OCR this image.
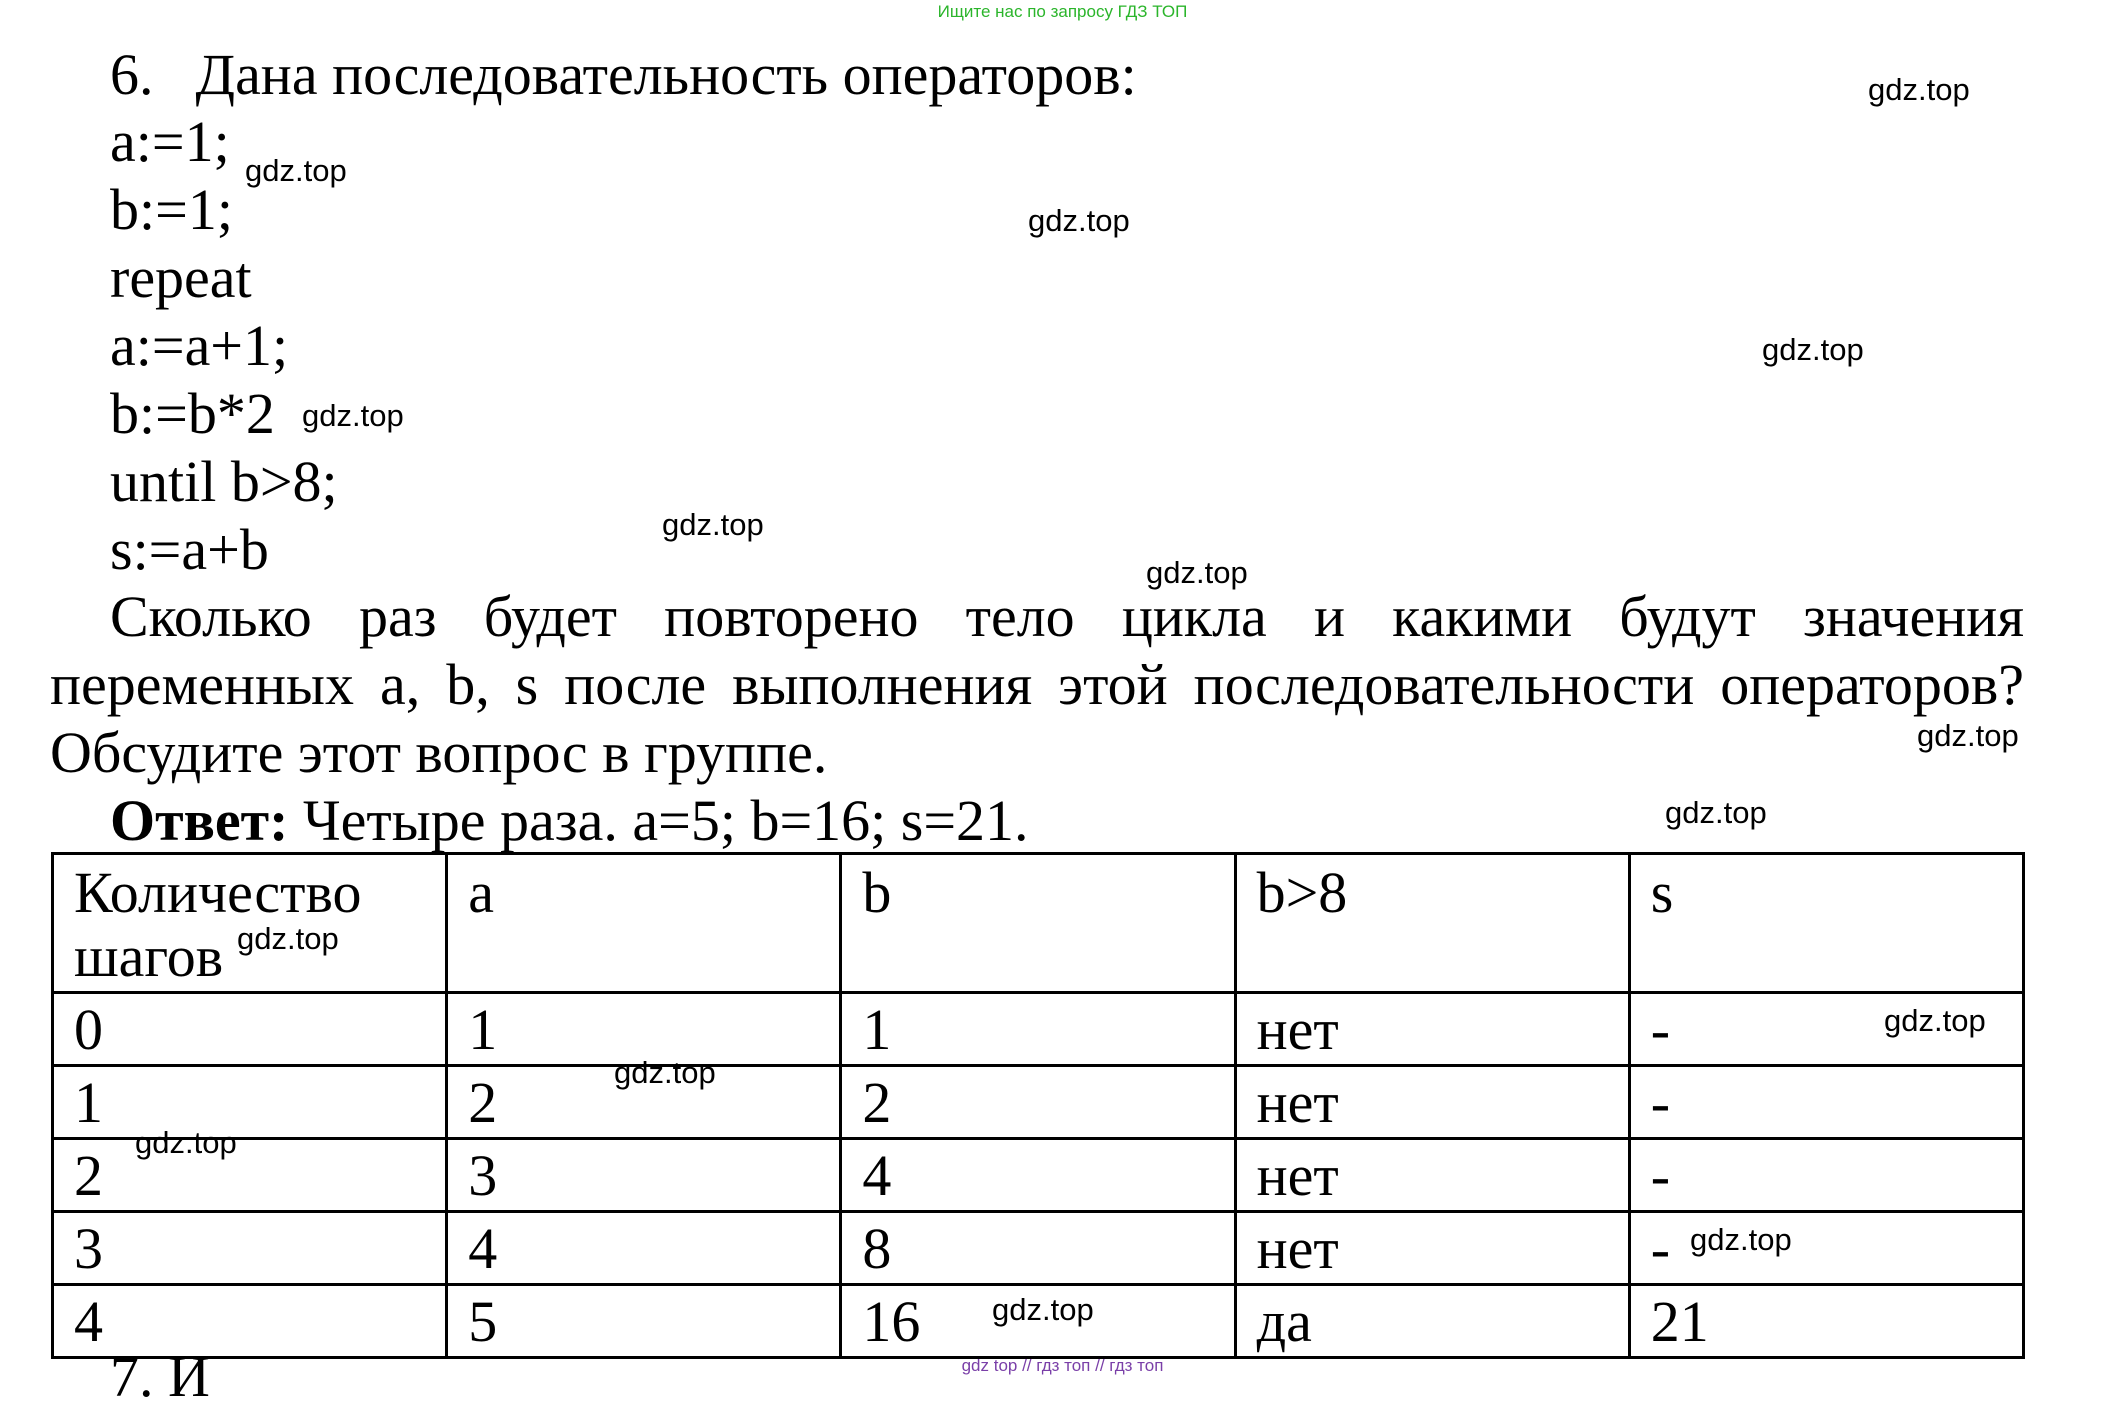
Ищите нас по запросу ГДЗ ТОП
6. Дана последовательность операторов:
a:=1;
b:=1;
repeat
a:=a+1;
b:=b*2
until b>8;
s:=a+b
Сколько раз будет повторено тело цикла и какими будут значения переменных a, b, s после выполнения этой последовательности операторов? Обсудите этот вопрос в группе.
Ответ: Четыре раза. a=5; b=16; s=21.
Количество шагов	a	b	b>8	s
0	1	1	нет	-
1	2	2	нет	-
2	3	4	нет	-
3	4	8	нет	-
4	5	16	да	21
7. И
gdz.top
gdz.top
gdz.top
gdz.top
gdz.top
gdz.top
gdz.top
gdz.top
gdz.top
gdz.top
gdz.top
gdz.top
gdz.top
gdz.top
gdz.top
gdz top // гдз топ // гдз топ
